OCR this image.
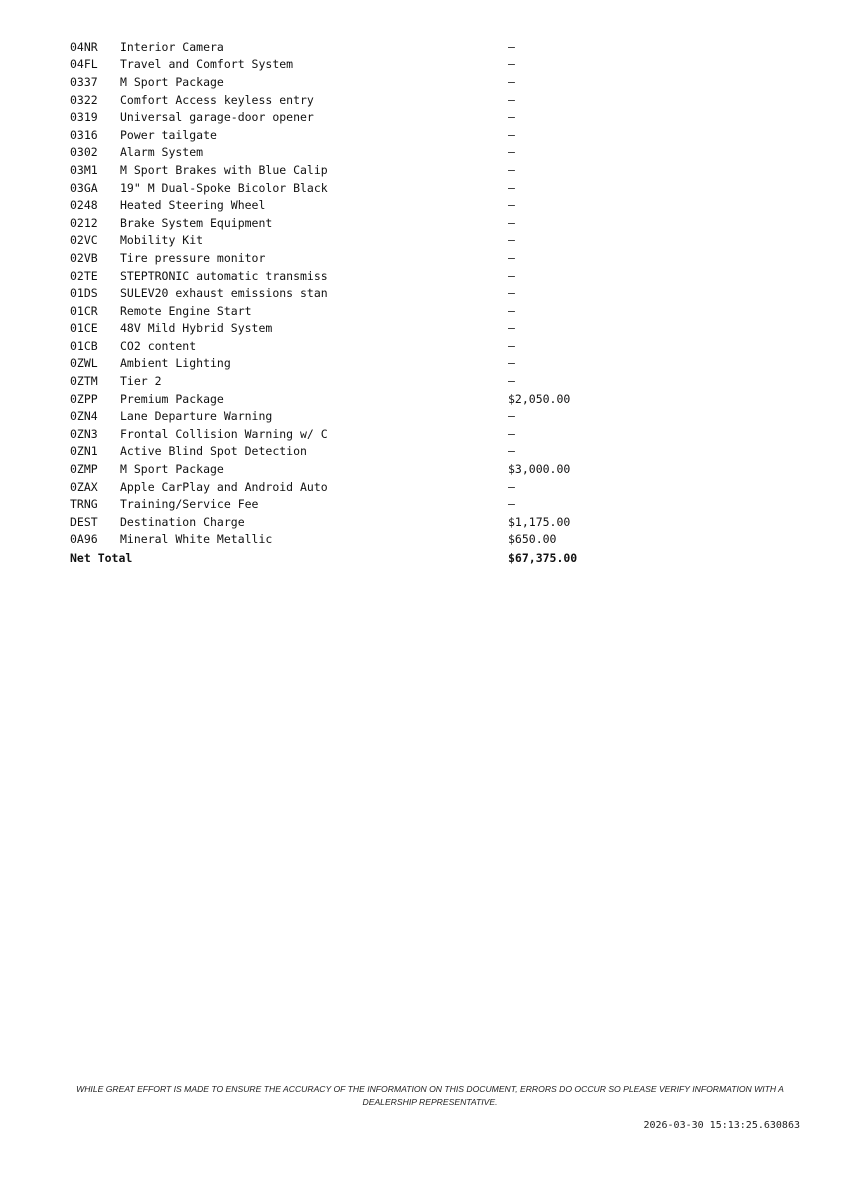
04NR	Interior Camera	—
04FL	Travel and Comfort System	—
0337	M Sport Package	—
0322	Comfort Access keyless entry	—
0319	Universal garage-door opener	—
0316	Power tailgate	—
0302	Alarm System	—
03M1	M Sport Brakes with Blue Calip	—
03GA	19" M Dual-Spoke Bicolor Black	—
0248	Heated Steering Wheel	—
0212	Brake System Equipment	—
02VC	Mobility Kit	—
02VB	Tire pressure monitor	—
02TE	STEPTRONIC automatic transmiss	—
01DS	SULEV20 exhaust emissions stan	—
01CR	Remote Engine Start	—
01CE	48V Mild Hybrid System	—
01CB	CO2 content	—
0ZWL	Ambient Lighting	—
0ZTM	Tier 2	—
0ZPP	Premium Package	$2,050.00
0ZN4	Lane Departure Warning	—
0ZN3	Frontal Collision Warning w/ C	—
0ZN1	Active Blind Spot Detection	—
0ZMP	M Sport Package	$3,000.00
0ZAX	Apple CarPlay and Android Auto	—
TRNG	Training/Service Fee	—
DEST	Destination Charge	$1,175.00
0A96	Mineral White Metallic	$650.00
Net Total	$67,375.00
WHILE GREAT EFFORT IS MADE TO ENSURE THE ACCURACY OF THE INFORMATION ON THIS DOCUMENT, ERRORS DO OCCUR SO PLEASE VERIFY INFORMATION WITH A DEALERSHIP REPRESENTATIVE.
2026-03-30 15:13:25.630863
